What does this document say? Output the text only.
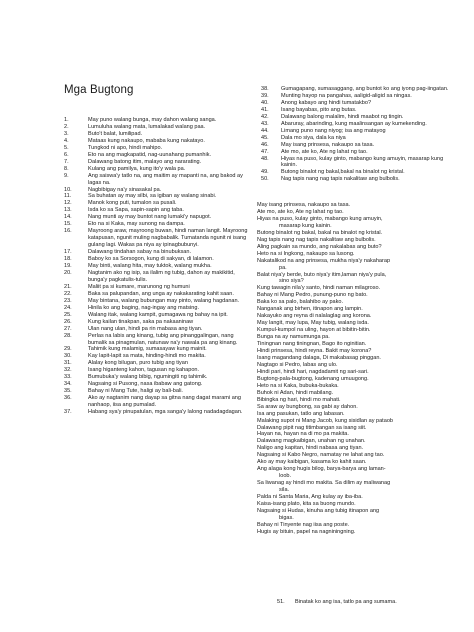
Mga Bugtong
1.	May puno walang bunga, may dahon walang sanga.
2.	Lumuluha walang mata, lumalakad walang paa.
3.	Buto't balat, lumilipad.
4.	Mataas kung nakaupo, mababa kung nakatayo.
5.	Tungkod ni apo, hindi mahipo.
6.	Eto na ang magkapatid, nag-uunahang pumanhik.
7.	Dalawang batong itim, malayo ang nararating.
8.	Kulang ang pamilya, kung ito'y wala pa.
9.	Ang saiswa'y tatlo na, ang maitim ay mapanti na, ang bakod ay lagas na.
10.	Nagbibigay na'y sinasakal pa.
11.	Sa buhatan ay may silbi, sa igiban ay walang sinabi.
12.	Manok kong puti, tumalon sa pusali.
13.	Isda ko sa Sapa, sapin-sapin ang taba.
14.	Nang munti ay may buntot nang lumaki'y napugot.
15.	Eto na si Kaka, may sunong na dampa.
16.	Mayroong araw, mayroong buwan, hindi naman langit. Mayroong katapusan, ngunit muling nagbabalik. Tumatanda ngunit ni isang gulang lagi. Wakas pa niya ay ipinagbubunyi.
17.	Dalawang tindahan sabay na binubuksan.
18.	Baboy ko sa Sorsogon, kung di sakyan, di lalamon.
19.	May binti, walang hita, may tuktok, walang mukha.
20.	Nagtanim ako ng isip, sa ilalim ng tubig, dahon ay makikitid, bunga'y pagkatulis-tulis.
21.	Maliit pa si kumare, marunong ng humuni
22.	Baka sa palupandan, ang unga ay nakakarating kahit saan.
23.	May bintana, walang bubungan may pinto, walang hagdanan.
24.	Hinila ko ang baging, nag-ingay ang matsing.
25.	Walang itak, walang kampit, gumagawa ng bahay na ipit.
26.	Kung kailan tinakpan, saka pa nakaaninaw
27.	Ulan nang ulan, hindi pa rin mabasa ang tiyan.
28.	Perlas na labis ang kinang, tubig ang pinanggalingan, nang bumalik sa pinagmulan, natunaw na'y nawala pa ang kinang.
29.	Tahimik kung malamig, sumasayaw kung mainit.
30.	Kay lapit-lapit sa mata, hinding-hindi mo makita.
31.	Alalay kong bilugan, puro tubig ang tiyan
32.	Isang higanteng kahon, tagusan ng kahapon.
33.	Bumubuka'y walang bibig, ngumingiti ng tahimik.
34.	Nagsaing si Pusong, nasa ibabaw ang gatong.
35.	Bahay ni Mang Tute, haligi ay bali-bali.
36.	Ako ay nagtanim nang dayap sa gitna nang dagat marami ang nanhaop, iisa ang pumalad.
37.	Habang sya'y pinupatulan, mga sanga'y lalong nadadagdagan.
38.	Gumagapang, sumasaggang, ang buntot ko ang iyong pag-iingatan.
39.	Munting hayop na pangahas, aaligid-aligid sa ningas.
40.	Anong kabayo ang hindi tumatakbo?
41.	Isang bayabas, pito ang butas.
42.	Dalawang balong malalim, hindi maabot ng tingin.
43.	Abaruray, abarinding, kung maalinsangan ay kumekending.
44.	Limang puno nang niyog; isa ang matayog
45.	Dala mo siya, dala ka niya
46.	May isang prinsesa, nakaupo sa tasa.
47.	Ate mo, ate ko, Ate ng lahat ng tao.
48.	Hiyas na puso, kulay ginto, mabango kung amuyin, masarap kung kainin.
49.	Butong binalot ng bakal,bakal na binalot ng kristal.
50.	Nag tapis nang nag tapis nakalitaw ang bulbolis.
May isang prinsesa, nakaupo sa tasa.
Ate mo, ate ko, Ate ng lahat ng tao.
Hiyas na puso, kulay ginto, mabango kung amuyin,
masarap kung kainin.
Butong binalot ng bakal, bakal na binalot ng kristal.
Nag tapis nang nag tapis nakalitaw ang bulbolis.
Aling pagkain sa mundo, ang nakalabas ang buto?
Heto na si Ingkong, nakaupo sa lusong.
Nakatalikod na ang prinsesa, mukha niya'y nakaharap
pa.
Balat niya'y berde, buto niya'y itim,laman niya'y pula,
sino siya?
Kung tawagin nila'y santo, hindi naman milagroso.
Bahay ni Mang Pedro, punung-puno ng bato.
Baka ko sa palo, balahibo ay pako.
Nanganak ang birhen, itinapon ang lampin.
Nakayuko ang reyna di nalalaglag ang korona.
May langit, may lupa, May tubig, walang isda.
Kumpul-kumpol na uling, hayon at bibitin-bitin.
Bunga na ay namumunga pa.
Tiningnan nang tiningnan, Bago ito nginitian.
Hindi prinsesa, hindi reyna. Bakit may korona?
Isang magandang dalaga, Di makabasag pinggan.
Nagtago si Pedro, labas ang ulo.
Hindi pari, hindi hari, nagdadamit ng sari-sari.
Bugtong-pala-bugtong, kadenang umuugong.
Heto na si Kaka, bubuka-bukaka.
Buhok ni Adan, hindi mabilang.
Bibingka ng hari, hindi mo mahati.
Sa araw ay bungbong, sa gabi ay dahon.
Isa ang pasukan, tatlo ang labasan.
Malaking supot ni Mang Jacob, kung sisidlan ay pataob
Dalawang pipit nag titimbangan sa isang siit.
Hayan na, hayan na di mo pa makita.
Dalawang magkaibigan, unahan ng unahan.
Naligo ang kapitan, hindi nabasa ang tiyan.
Nagsaing si Kabo Negro, namatay ne lahat ang tao.
Ako ay may kaibigan, kasama ko kahit saan.
Ang alaga kong hugis bilog, barya-barya ang laman-
loob.
Sa liwanag ay hindi mo makita. Sa dilim ay maliwanag
siIa.
Palda ni Santa Maria, Ang kulay ay iba-iba.
Kaisa-isang plato, kita sa buong mundo.
Nagsaing si Hudas, kinuha ang tubig itinapon ang
bigas.
Bahay ni Tinyente nag iisa ang poste.
Hugis ay bituin, papel na nagniningning.
51.	Binatak ko ang isa, tatlo pa ang sumama.
